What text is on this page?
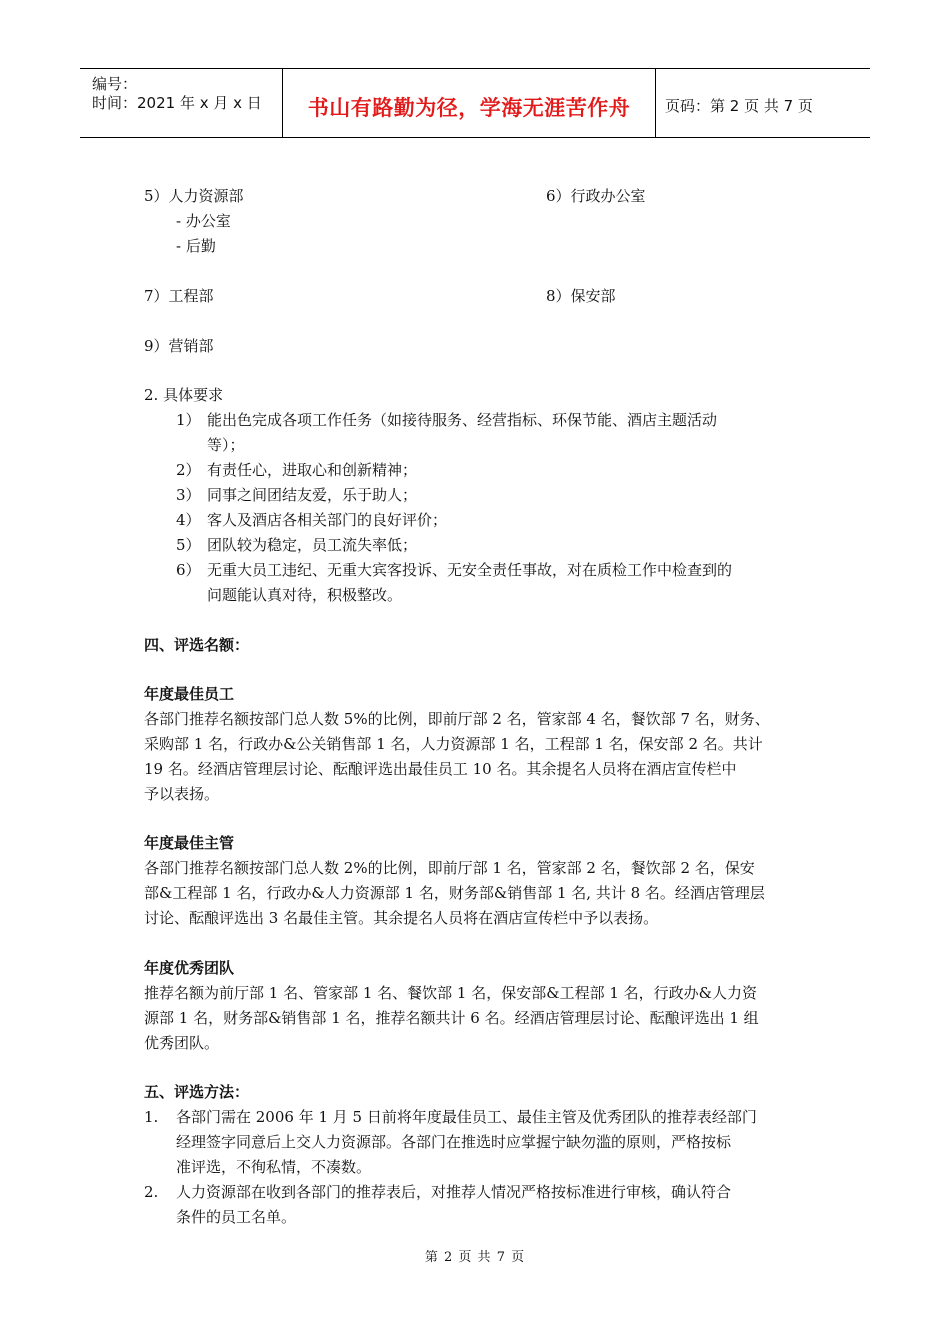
编号：
时间：2021 年 x 月 x 日	书山有路勤为径，学海无涯苦作舟	页码：第 2 页 共 7 页
5）人力资源部
- 办公室
- 后勤
6）行政办公室
7）工程部	8）保安部
9）营销部
2. 具体要求
1） 能出色完成各项工作任务（如接待服务、经营指标、环保节能、酒店主题活动
等）；
2） 有责任心，进取心和创新精神；
3） 同事之间团结友爱，乐于助人；
4） 客人及酒店各相关部门的良好评价；
5） 团队较为稳定，员工流失率低；
6） 无重大员工违纪、无重大宾客投诉、无安全责任事故，对在质检工作中检查到的
问题能认真对待，积极整改。
四、评选名额：
年度最佳员工
各部门推荐名额按部门总人数 5%的比例，即前厅部 2 名，管家部 4 名，餐饮部 7 名，财务、
采购部 1 名，行政办&公关销售部 1 名，人力资源部 1 名，工程部 1 名，保安部 2 名。共计
19 名。经酒店管理层讨论、酝酿评选出最佳员工 10 名。其余提名人员将在酒店宣传栏中
予以表扬。
年度最佳主管
各部门推荐名额按部门总人数 2%的比例，即前厅部 1 名，管家部 2 名，餐饮部 2 名，保安
部&工程部 1 名，行政办&人力资源部 1 名，财务部&销售部 1 名, 共计 8 名。经酒店管理层
讨论、酝酿评选出 3 名最佳主管。其余提名人员将在酒店宣传栏中予以表扬。
年度优秀团队
推荐名额为前厅部 1 名、管家部 1 名、餐饮部 1 名，保安部&工程部 1 名，行政办&人力资
源部 1 名，财务部&销售部 1 名，推荐名额共计 6 名。经酒店管理层讨论、酝酿评选出 1 组
优秀团队。
五、评选方法：
1. 各部门需在 2006 年 1 月 5 日前将年度最佳员工、最佳主管及优秀团队的推荐表经部门
经理签字同意后上交人力资源部。各部门在推选时应掌握宁缺勿滥的原则，严格按标
准评选，不徇私情，不凑数。
2. 人力资源部在收到各部门的推荐表后，对推荐人情况严格按标准进行审核，确认符合
条件的员工名单。
第 2 页 共 7 页
